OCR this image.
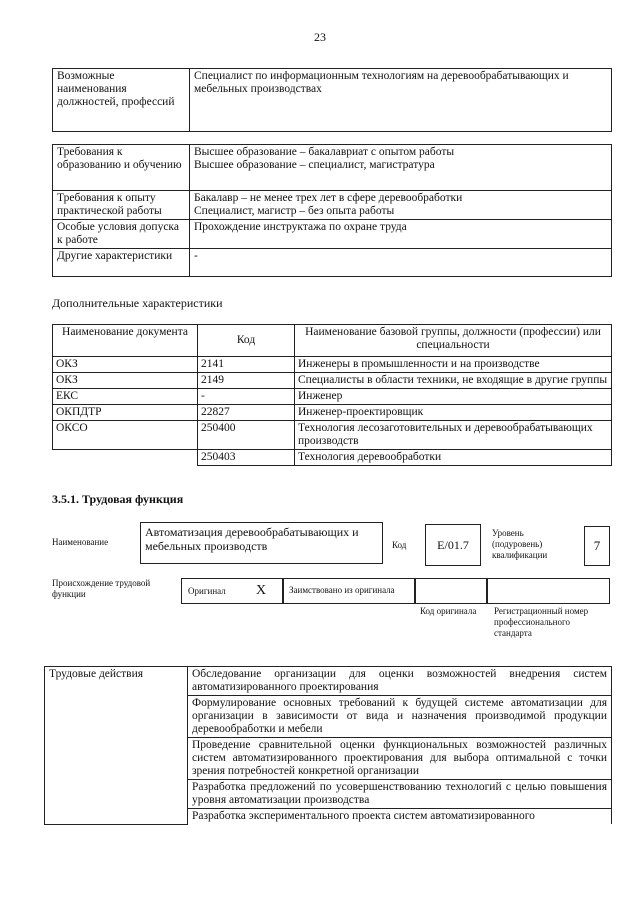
23
Возможные наименования должностей, профессий	Специалист по информационным технологиям на деревообрабатывающих и мебельных производствах
Требования к образованию и обучению	Высшее образование – бакалавриат с опытом работы
Высшее образование – специалист, магистратура
Требования к опыту практической работы	Бакалавр – не менее трех лет в сфере деревообработки
Специалист, магистр – без опыта работы
Особые условия допуска к работе	Прохождение инструктажа по охране труда
Другие характеристики	-
Дополнительные характеристики
Наименование документа	Код	Наименование базовой группы, должности (профессии) или специальности
ОКЗ	2141	Инженеры в промышленности и на производстве
ОКЗ	2149	Специалисты в области техники, не входящие в другие группы
ЕКС	-	Инженер
ОКПДТР	22827	Инженер-проектировщик
ОКСО	250400	Технология лесозаготовительных и деревообрабатывающих производств
	250403	Технология деревообработки
3.5.1. Трудовая функция
Наименование
Автоматизация деревообрабатывающих и мебельных производств	Код	E/01.7
Уровень (подуровень) квалификации
7
Происхождение трудовой функции	Оригинал X	Заимствовано из оригинала
Код оригинала	Регистрационный номер профессионального стандарта
Трудовые действия	Обследование организации для оценки возможностей внедрения систем автоматизированного проектирования
Формулирование основных требований к будущей системе автоматизации для организации в зависимости от вида и назначения производимой продукции деревообработки и мебели
Проведение сравнительной оценки функциональных возможностей различных систем автоматизированного проектирования для выбора оптимальной с точки зрения потребностей конкретной организации
Разработка предложений по усовершенствованию технологий с целью повышения уровня автоматизации производства
Разработка экспериментального проекта систем автоматизированного
